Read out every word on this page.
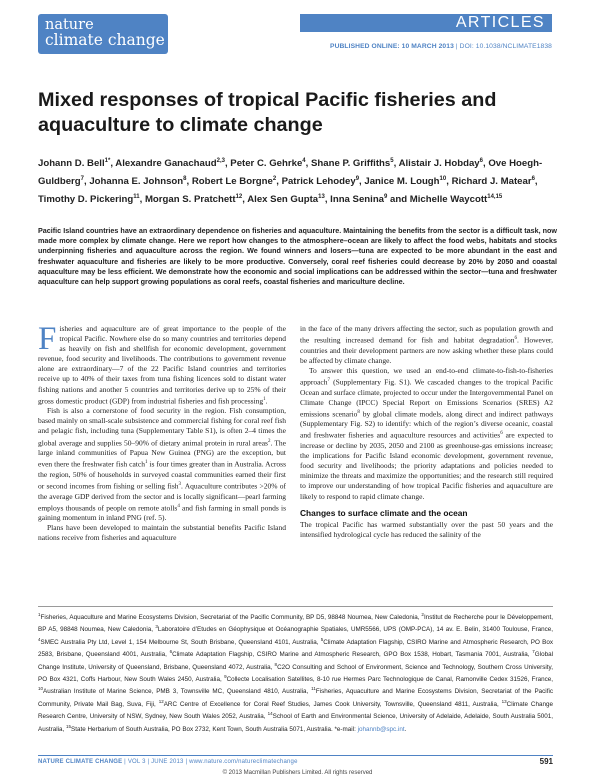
nature
climate change
ARTICLES
PUBLISHED ONLINE: 10 MARCH 2013 | DOI: 10.1038/NCLIMATE1838
Mixed responses of tropical Pacific fisheries and aquaculture to climate change
Johann D. Bell$^{1*}$, Alexandre Ganachaud$^{2,3}$, Peter C. Gehrke$^4$, Shane P. Griffiths$^5$, Alistair J. Hobday$^6$, Ove Hoegh-Guldberg$^7$, Johanna E. Johnson$^8$, Robert Le Borgne$^2$, Patrick Lehodey$^9$, Janice M. Lough$^{10}$, Richard J. Matear$^6$, Timothy D. Pickering$^{11}$, Morgan S. Pratchett$^{12}$, Alex Sen Gupta$^{13}$, Inna Senina$^9$ and Michelle Waycott$^{14,15}$
Pacific Island countries have an extraordinary dependence on fisheries and aquaculture. Maintaining the benefits from the sector is a difficult task, now made more complex by climate change. Here we report how changes to the atmosphere–ocean are likely to affect the food webs, habitats and stocks underpinning fisheries and aquaculture across the region. We found winners and losers—tuna are expected to be more abundant in the east and freshwater aquaculture and fisheries are likely to be more productive. Conversely, coral reef fisheries could decrease by 20% by 2050 and coastal aquaculture may be less efficient. We demonstrate how the economic and social implications can be addressed within the sector—tuna and freshwater aquaculture can help support growing populations as coral reefs, coastal fisheries and mariculture decline.

Fisheries and aquaculture are of great importance to the people of the tropical Pacific. Nowhere else do so many countries and territories depend as heavily on fish and shellfish for economic development, government revenue, food security and livelihoods. The contributions to government revenue alone are extraordinary—7 of the 22 Pacific Island countries and territories receive up to 40% of their taxes from tuna fishing licences sold to distant water fishing nations and another 5 countries and territories derive up to 25% of their gross domestic product (GDP) from industrial fisheries and fish processing$^1$.

Fish is also a cornerstone of food security in the region. Fish consumption, based mainly on small-scale subsistence and commercial fishing for coral reef fish and pelagic fish, including tuna (Supplementary Table S1), is often 2–4 times the global average and supplies 50–90% of dietary animal protein in rural areas$^2$. The large inland communities of Papua New Guinea (PNG) are the exception, but even there the freshwater fish catch$^1$ is four times greater than in Australia. Across the region, 50% of households in surveyed coastal communities earned their first or second incomes from fishing or selling fish$^3$. Aquaculture contributes >20% of the average GDP derived from the sector and is locally significant—pearl farming employs thousands of people on remote atolls$^4$ and fish farming in small ponds is gaining momentum in inland PNG (ref. 5).

Plans have been developed to maintain the substantial benefits Pacific Island nations receive from fisheries and aquaculture

in the face of the many drivers affecting the sector, such as population growth and the resulting increased demand for fish and habitat degradation$^6$. However, countries and their development partners are now asking whether these plans could be affected by climate change.

To answer this question, we used an end-to-end climate-to-fish-to-fisheries approach$^7$ (Supplementary Fig. S1). We cascaded changes to the tropical Pacific Ocean and surface climate, projected to occur under the Intergovernmental Panel on Climate Change (IPCC) Special Report on Emissions Scenarios (SRES) A2 emissions scenario$^8$ by global climate models, along direct and indirect pathways (Supplementary Fig. S2) to identify: which of the region’s diverse oceanic, coastal and freshwater fisheries and aquaculture resources and activities$^6$ are expected to increase or decline by 2035, 2050 and 2100 as greenhouse-gas emissions increase; the implications for Pacific Island economic development, government revenue, food security and livelihoods; the priority adaptations and policies needed to minimize the threats and maximize the opportunities; and the research still required to improve our understanding of how tropical Pacific fisheries and aquaculture are likely to respond to rapid climate change.

Changes to surface climate and the ocean

The tropical Pacific has warmed substantially over the past 50 years and the intensified hydrological cycle has reduced the salinity of the

$^1$Fisheries, Aquaculture and Marine Ecosystems Division, Secretariat of the Pacific Community, BP D5, 98848 Noumea, New Caledonia, $^2$Institut de Recherche pour le Développement, BP A5, 98848 Noumea, New Caledonia, $^3$Laboratoire d’Etudes en Géophysique et Océanographie Spatiales, UMR5566, UPS (OMP-PCA), 14 av. E. Belin, 31400 Toulouse, France, $^4$SMEC Australia Pty Ltd, Level 1, 154 Melbourne St, South Brisbane, Queensland 4101, Australia, $^5$Climate Adaptation Flagship, CSIRO Marine and Atmospheric Research, PO Box 2583, Brisbane, Queensland 4001, Australia, $^6$Climate Adaptation Flagship, CSIRO Marine and Atmospheric Research, GPO Box 1538, Hobart, Tasmania 7001, Australia, $^7$Global Change Institute, University of Queensland, Brisbane, Queensland 4072, Australia, $^8$C2O Consulting and School of Environment, Science and Technology, Southern Cross University, PO Box 4321, Coffs Harbour, New South Wales 2450, Australia, $^9$Collecte Localisation Satellites, 8-10 rue Hermes Parc Technologique de Canal, Ramonville Cedex 31526, France, $^{10}$Australian Institute of Marine Science, PMB 3, Townsville MC, Queensland 4810, Australia, $^{11}$Fisheries, Aquaculture and Marine Ecosystems Division, Secretariat of the Pacific Community, Private Mail Bag, Suva, Fiji, $^{12}$ARC Centre of Excellence for Coral Reef Studies, James Cook University, Townsville, Queensland 4811, Australia, $^{13}$Climate Change Research Centre, University of NSW, Sydney, New South Wales 2052, Australia, $^{14}$School of Earth and Environmental Science, University of Adelaide, Adelaide, South Australia 5001, Australia, $^{15}$State Herbarium of South Australia, PO Box 2732, Kent Town, South Australia 5071, Australia. *e-mail: johannb@spc.int.
NATURE CLIMATE CHANGE | VOL 3 | JUNE 2013 | www.nature.com/natureclimatechange	591
© 2013 Macmillan Publishers Limited. All rights reserved
